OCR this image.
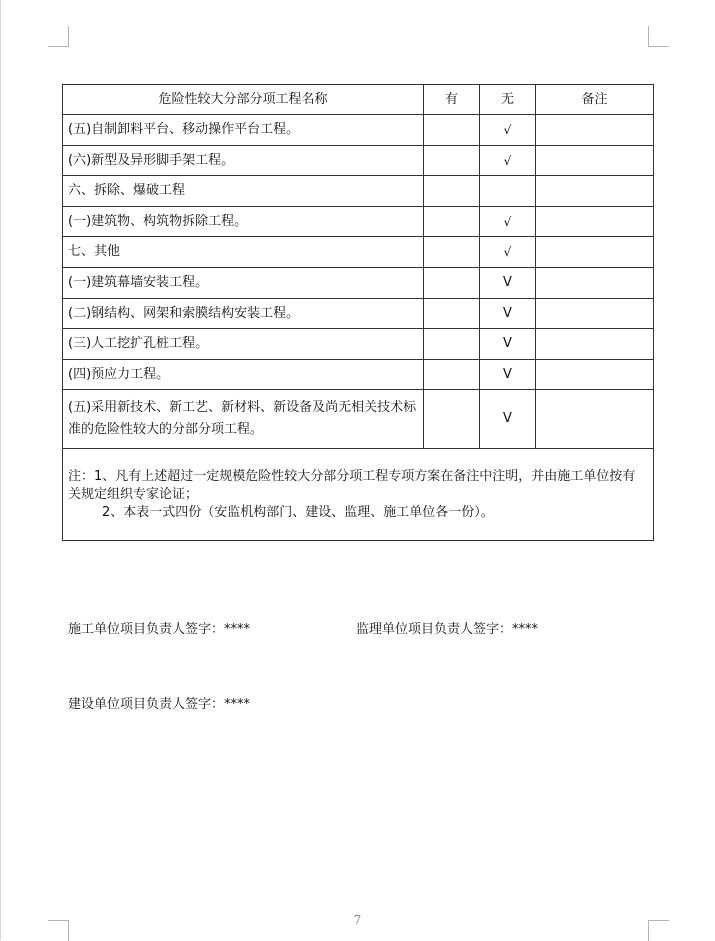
危险性较大分部分项工程名称	有	无	备注
(五)自制卸料平台、移动操作平台工程。		√	
(六)新型及异形脚手架工程。		√	
六、拆除、爆破工程			
(一)建筑物、构筑物拆除工程。		√	
七、其他		√	
(一)建筑幕墙安装工程。		V	
(二)钢结构、网架和索膜结构安装工程。		V	
(三)人工挖扩孔桩工程。		V	
(四)预应力工程。		V	
(五)采用新技术、新工艺、新材料、新设备及尚无相关技术标准的危险性较大的分部分项工程。		V	
注：1、凡有上述超过一定规模危险性较大分部分项工程专项方案在备注中注明，并由施工单位按有关规定组织专家论证；
2、本表一式四份（安监机构部门、建设、监理、施工单位各一份）。			
施工单位项目负责人签字：****	监理单位项目负责人签字：****
建设单位项目负责人签字：****
7
